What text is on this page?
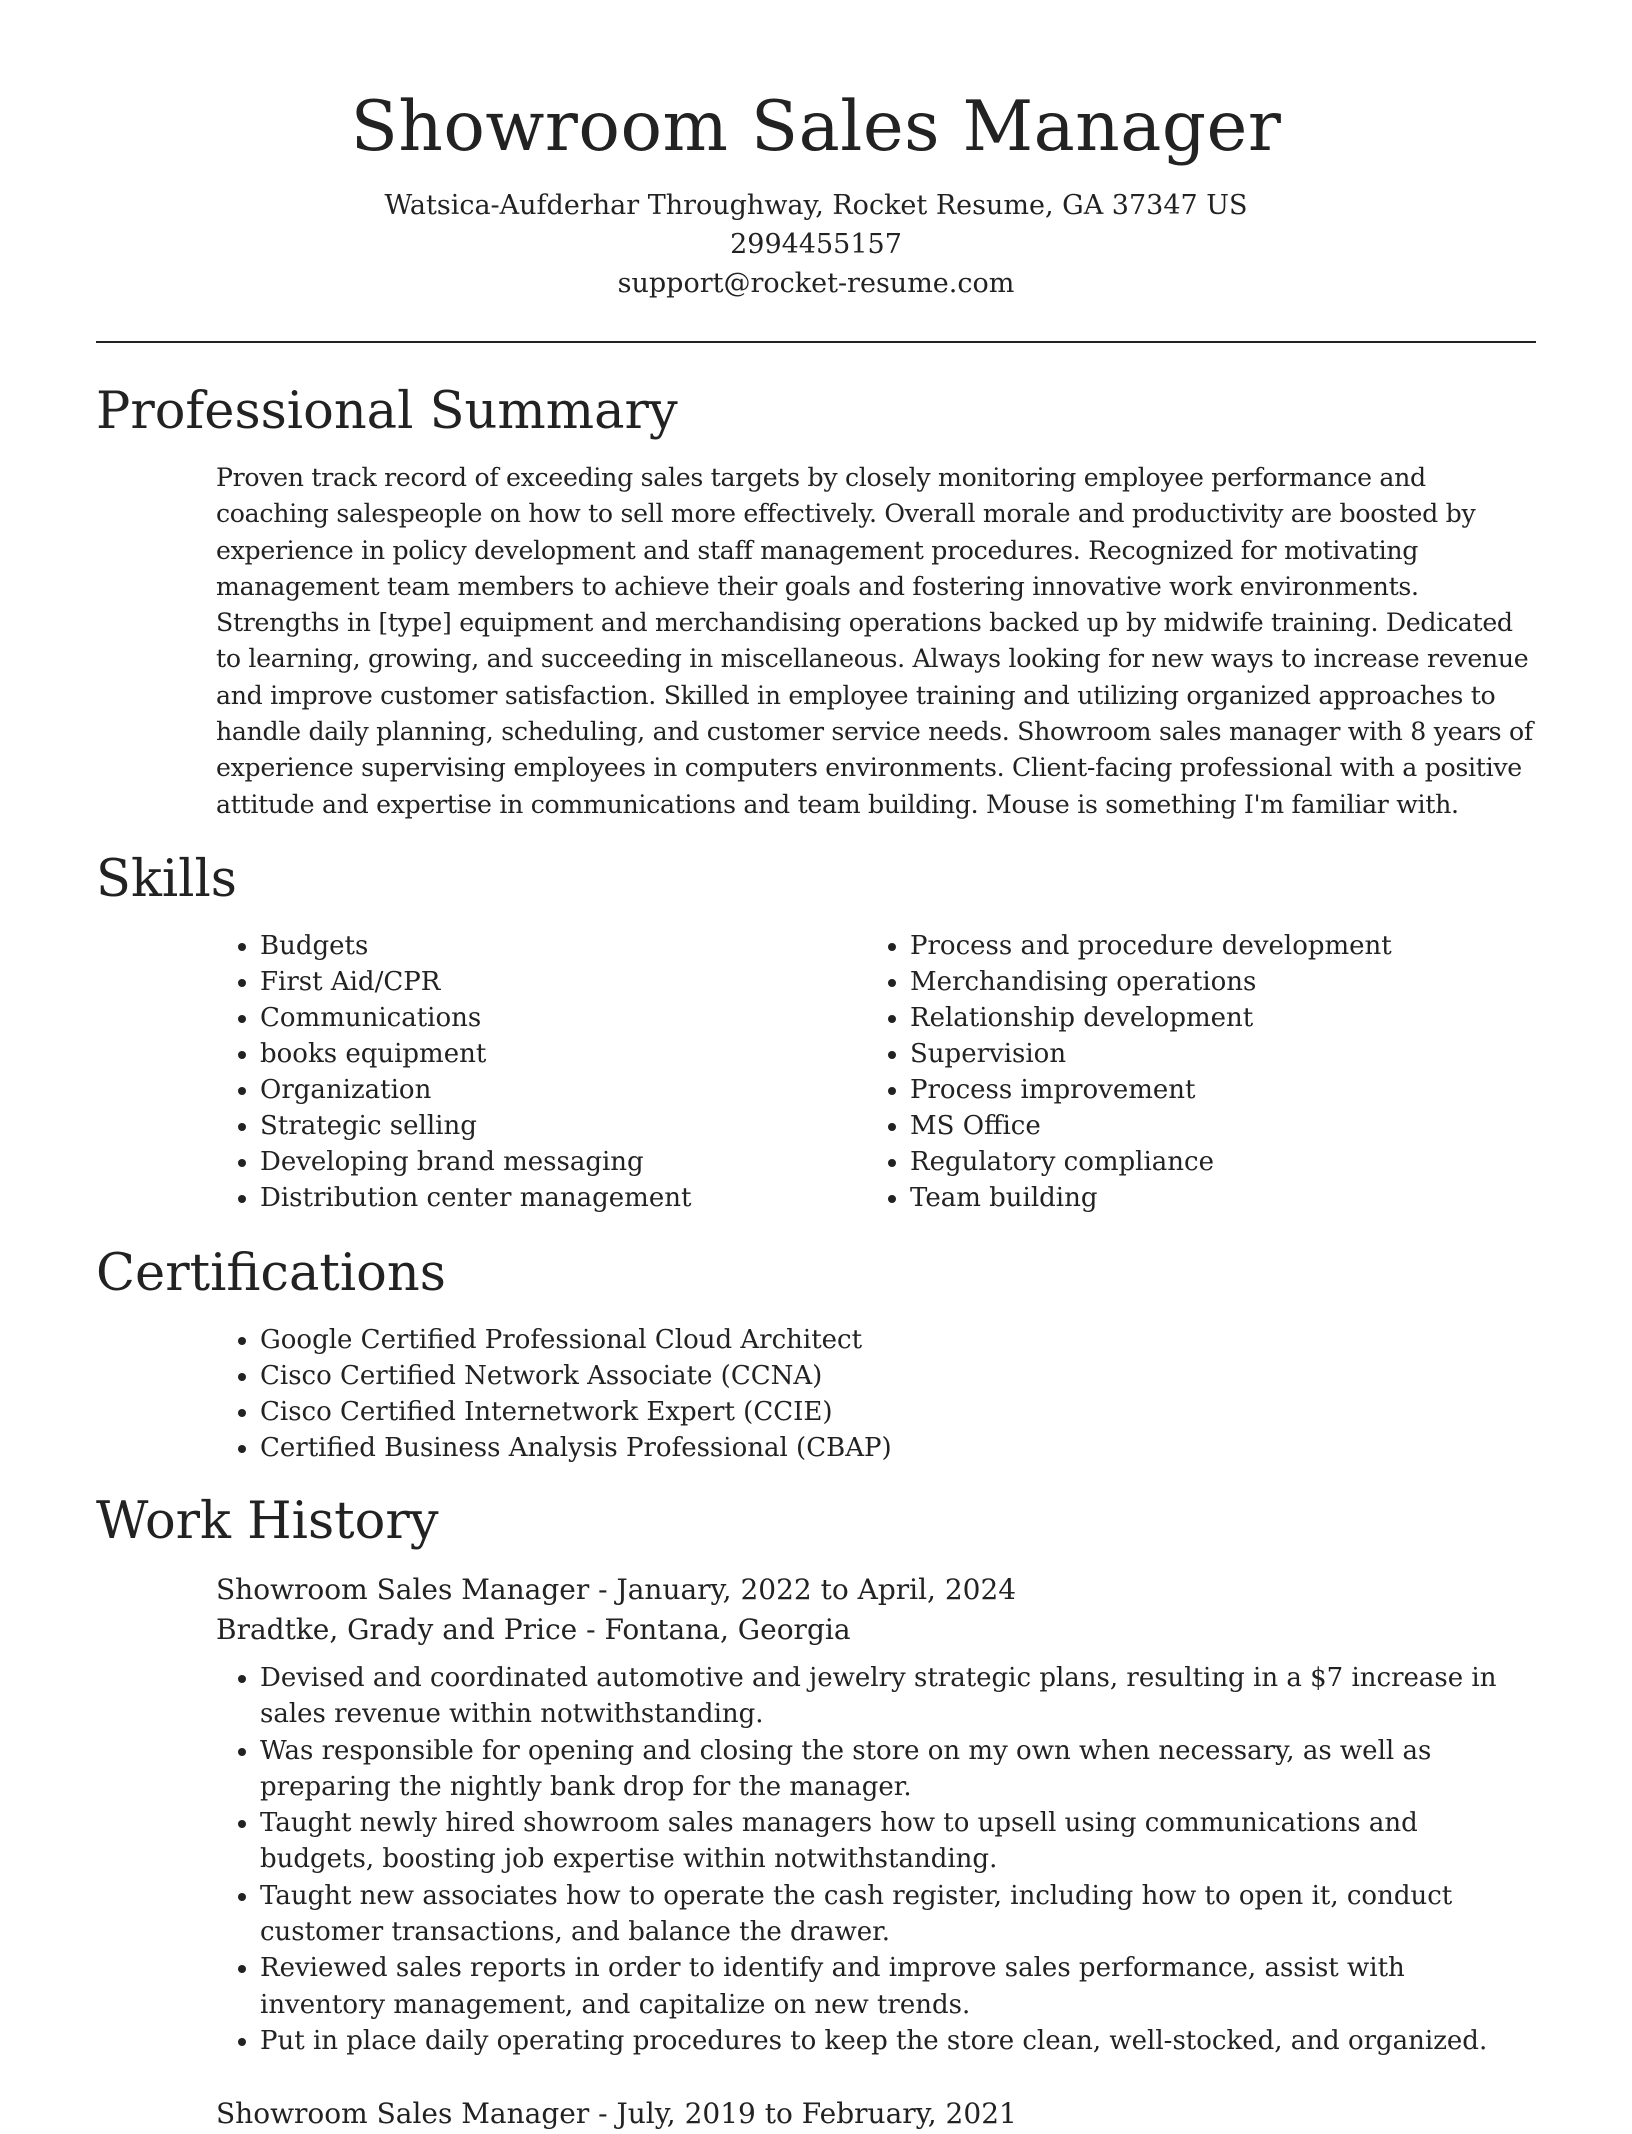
Showroom Sales Manager
Watsica-Aufderhar Throughway, Rocket Resume, GA 37347 US
2994455157
support@rocket-resume.com
Professional Summary

Proven track record of exceeding sales targets by closely monitoring employee performance and coaching salespeople on how to sell more effectively. Overall morale and productivity are boosted by experience in policy development and staff management procedures. Recognized for motivating management team members to achieve their goals and fostering innovative work environments. Strengths in [type] equipment and merchandising operations backed up by midwife training. Dedicated to learning, growing, and succeeding in miscellaneous. Always looking for new ways to increase revenue and improve customer satisfaction. Skilled in employee training and utilizing organized approaches to handle daily planning, scheduling, and customer service needs. Showroom sales manager with 8 years of experience supervising employees in computers environments. Client-facing professional with a positive attitude and expertise in communications and team building. Mouse is something I'm familiar with.

Skills
• Budgets
• First Aid/CPR
• Communications
• books equipment
• Organization
• Strategic selling
• Developing brand messaging
• Distribution center management
• Process and procedure development
• Merchandising operations
• Relationship development
• Supervision
• Process improvement
• MS Office
• Regulatory compliance
• Team building
Certifications
• Google Certified Professional Cloud Architect
• Cisco Certified Network Associate (CCNA)
• Cisco Certified Internetwork Expert (CCIE)
• Certified Business Analysis Professional (CBAP)
Work History

Showroom Sales Manager - January, 2022 to April, 2024

Bradtke, Grady and Price - Fontana, Georgia

• Devised and coordinated automotive and jewelry strategic plans, resulting in a $7 increase in sales revenue within notwithstanding.
• Was responsible for opening and closing the store on my own when necessary, as well as preparing the nightly bank drop for the manager.
• Taught newly hired showroom sales managers how to upsell using communications and budgets, boosting job expertise within notwithstanding.
• Taught new associates how to operate the cash register, including how to open it, conduct customer transactions, and balance the drawer.
• Reviewed sales reports in order to identify and improve sales performance, assist with inventory management, and capitalize on new trends.
• Put in place daily operating procedures to keep the store clean, well-stocked, and organized.

Showroom Sales Manager - July, 2019 to February, 2021
